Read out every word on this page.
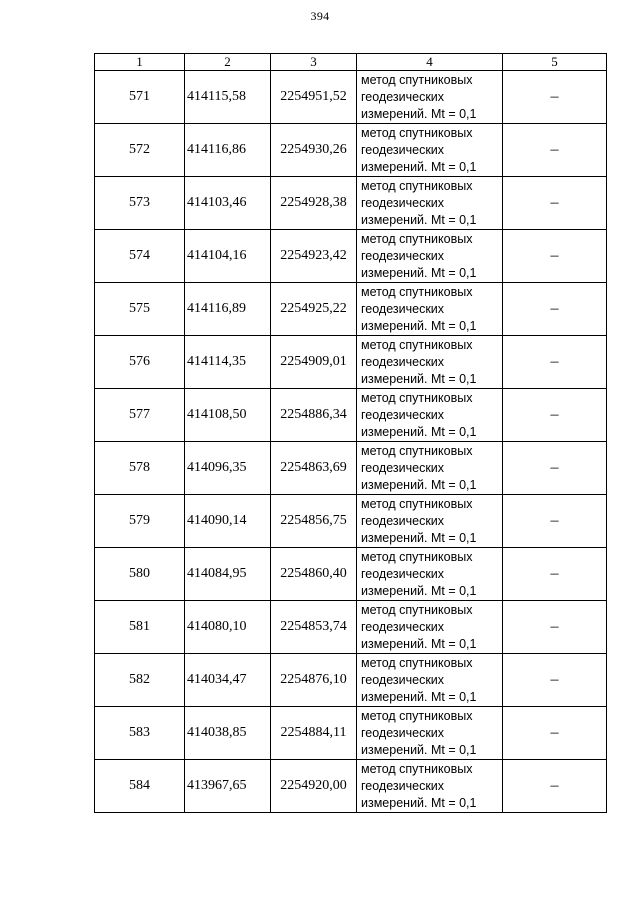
394
1	2	3	4	5
571	414115,58	2254951,52	метод спутниковых
геодезических
измерений. Mt = 0,1	–
572	414116,86	2254930,26	метод спутниковых
геодезических
измерений. Mt = 0,1	–
573	414103,46	2254928,38	метод спутниковых
геодезических
измерений. Mt = 0,1	–
574	414104,16	2254923,42	метод спутниковых
геодезических
измерений. Mt = 0,1	–
575	414116,89	2254925,22	метод спутниковых
геодезических
измерений. Mt = 0,1	–
576	414114,35	2254909,01	метод спутниковых
геодезических
измерений. Mt = 0,1	–
577	414108,50	2254886,34	метод спутниковых
геодезических
измерений. Mt = 0,1	–
578	414096,35	2254863,69	метод спутниковых
геодезических
измерений. Mt = 0,1	–
579	414090,14	2254856,75	метод спутниковых
геодезических
измерений. Mt = 0,1	–
580	414084,95	2254860,40	метод спутниковых
геодезических
измерений. Mt = 0,1	–
581	414080,10	2254853,74	метод спутниковых
геодезических
измерений. Mt = 0,1	–
582	414034,47	2254876,10	метод спутниковых
геодезических
измерений. Mt = 0,1	–
583	414038,85	2254884,11	метод спутниковых
геодезических
измерений. Mt = 0,1	–
584	413967,65	2254920,00	метод спутниковых
геодезических
измерений. Mt = 0,1	–
